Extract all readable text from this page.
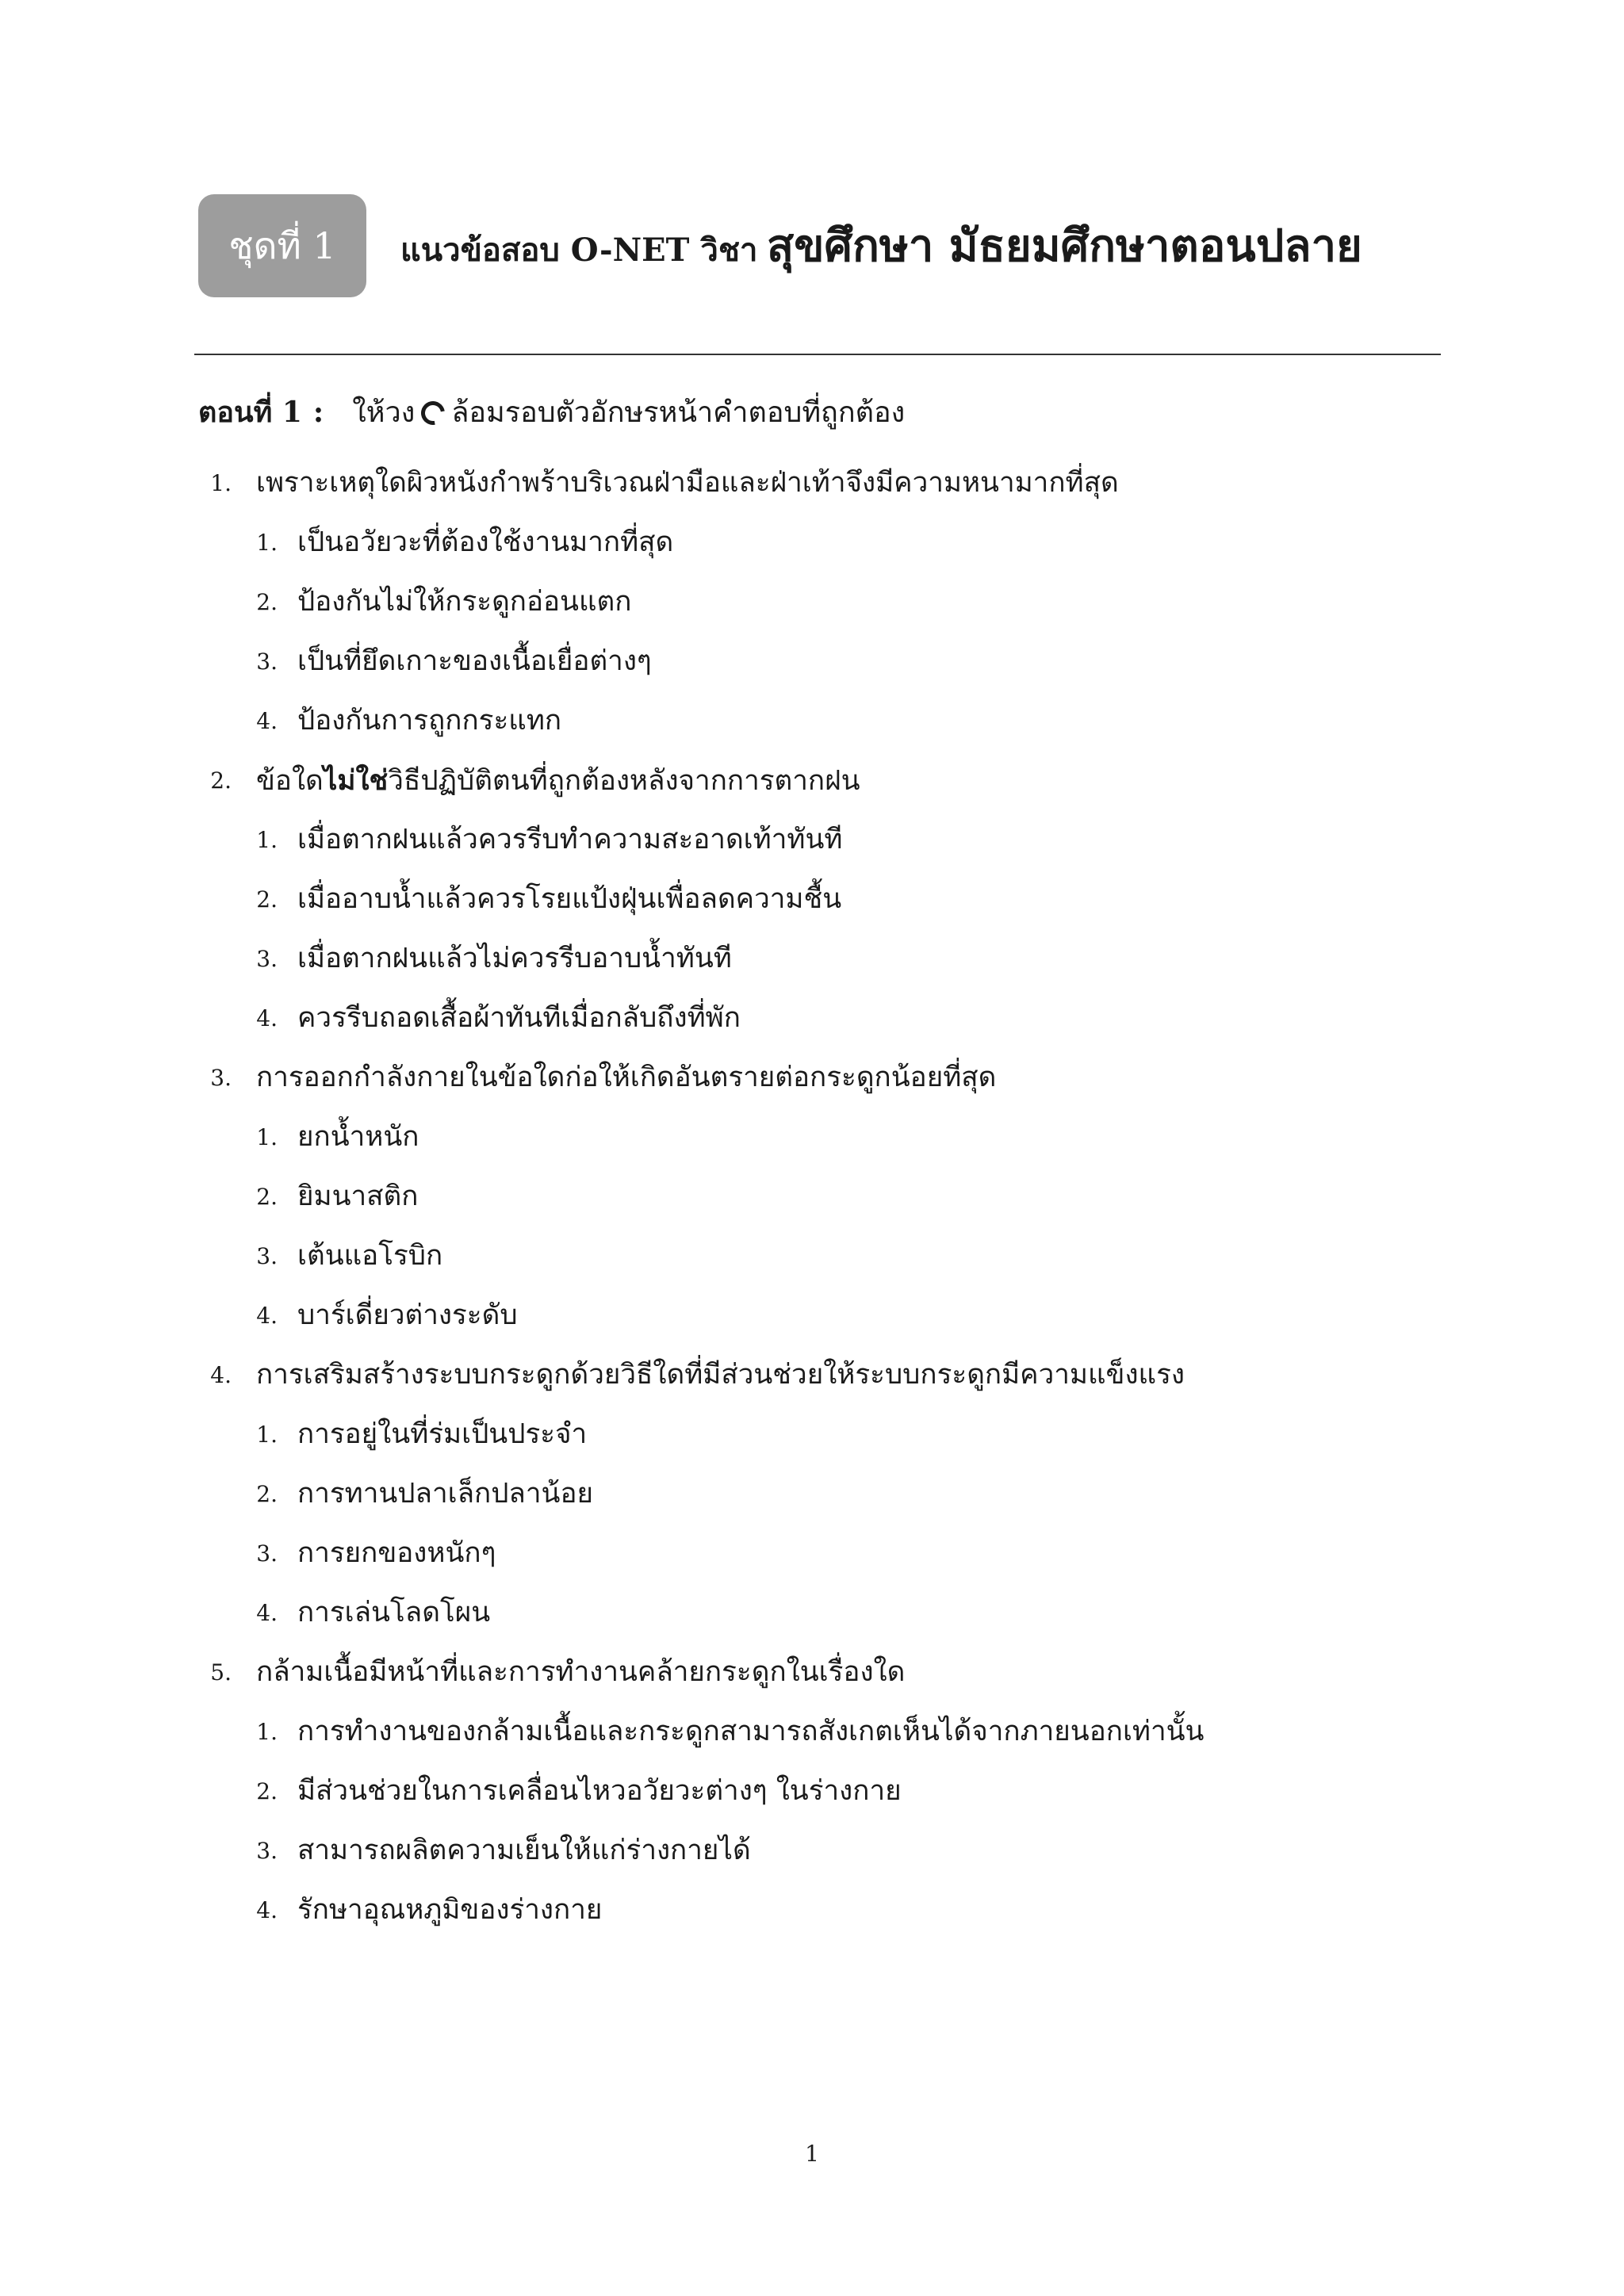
ชุดที่ 1	แนวข้อสอบ O-NET วิชา สุขศึกษา มัธยมศึกษาตอนปลาย
ตอนที่ 1 : ให้วง ล้อมรอบตัวอักษรหน้าคำตอบที่ถูกต้อง
1. เพราะเหตุใดผิวหนังกำพร้าบริเวณฝ่ามือและฝ่าเท้าจึงมีความหนามากที่สุด
1. เป็นอวัยวะที่ต้องใช้งานมากที่สุด
2. ป้องกันไม่ให้กระดูกอ่อนแตก
3. เป็นที่ยึดเกาะของเนื้อเยื่อต่างๆ
4. ป้องกันการถูกกระแทก
2. ข้อใดไม่ใช่วิธีปฏิบัติตนที่ถูกต้องหลังจากการตากฝน
1. เมื่อตากฝนแล้วควรรีบทำความสะอาดเท้าทันที
2. เมื่ออาบน้ำแล้วควรโรยแป้งฝุ่นเพื่อลดความชื้น
3. เมื่อตากฝนแล้วไม่ควรรีบอาบน้ำทันที
4. ควรรีบถอดเสื้อผ้าทันทีเมื่อกลับถึงที่พัก
3. การออกกำลังกายในข้อใดก่อให้เกิดอันตรายต่อกระดูกน้อยที่สุด
1. ยกน้ำหนัก
2. ยิมนาสติก
3. เต้นแอโรบิก
4. บาร์เดี่ยวต่างระดับ
4. การเสริมสร้างระบบกระดูกด้วยวิธีใดที่มีส่วนช่วยให้ระบบกระดูกมีความแข็งแรง
1. การอยู่ในที่ร่มเป็นประจำ
2. การทานปลาเล็กปลาน้อย
3. การยกของหนักๆ
4. การเล่นโลดโผน
5. กล้ามเนื้อมีหน้าที่และการทำงานคล้ายกระดูกในเรื่องใด
1. การทำงานของกล้ามเนื้อและกระดูกสามารถสังเกตเห็นได้จากภายนอกเท่านั้น
2. มีส่วนช่วยในการเคลื่อนไหวอวัยวะต่างๆ ในร่างกาย
3. สามารถผลิตความเย็นให้แก่ร่างกายได้
4. รักษาอุณหภูมิของร่างกาย
1
